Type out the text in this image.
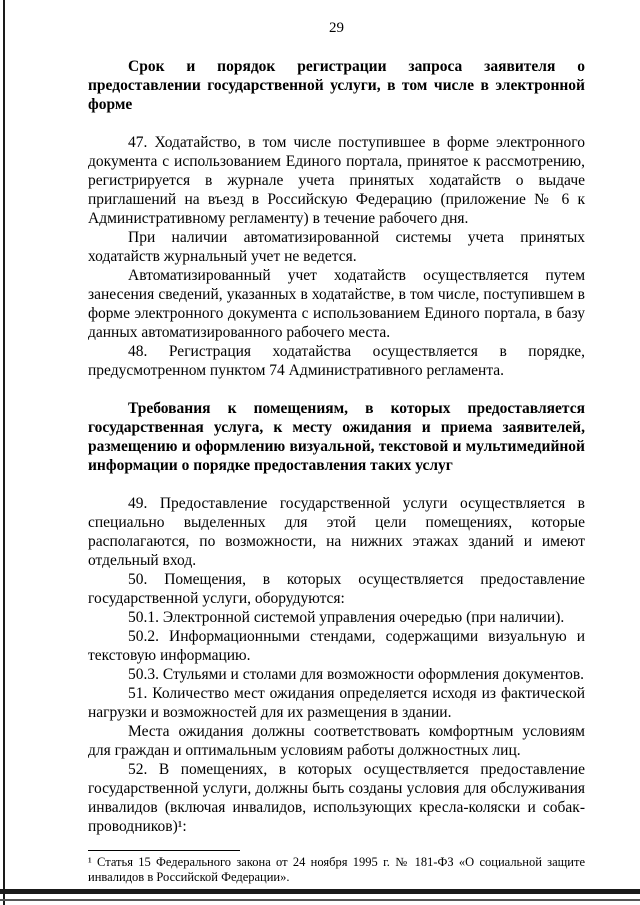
29
Срок и порядок регистрации запроса заявителя о предоставлении государственной услуги, в том числе в электронной форме

47. Ходатайство, в том числе поступившее в форме электронного документа с использованием Единого портала, принятое к рассмотрению, регистрируется в журнале учета принятых ходатайств о выдаче приглашений на въезд в Российскую Федерацию (приложение № 6 к Административному регламенту) в течение рабочего дня.

При наличии автоматизированной системы учета принятых ходатайств журнальный учет не ведется.

Автоматизированный учет ходатайств осуществляется путем занесения сведений, указанных в ходатайстве, в том числе, поступившем в форме электронного документа с использованием Единого портала, в базу данных автоматизированного рабочего места.

48. Регистрация ходатайства осуществляется в порядке, предусмотренном пунктом 74 Административного регламента.

Требования к помещениям, в которых предоставляется государственная услуга, к месту ожидания и приема заявителей, размещению и оформлению визуальной, текстовой и мультимедийной информации о порядке предоставления таких услуг

49. Предоставление государственной услуги осуществляется в специально выделенных для этой цели помещениях, которые располагаются, по возможности, на нижних этажах зданий и имеют отдельный вход.

50. Помещения, в которых осуществляется предоставление государственной услуги, оборудуются:

50.1. Электронной системой управления очередью (при наличии).

50.2. Информационными стендами, содержащими визуальную и текстовую информацию.

50.3. Стульями и столами для возможности оформления документов.

51. Количество мест ожидания определяется исходя из фактической нагрузки и возможностей для их размещения в здании.

Места ожидания должны соответствовать комфортным условиям для граждан и оптимальным условиям работы должностных лиц.

52. В помещениях, в которых осуществляется предоставление государственной услуги, должны быть созданы условия для обслуживания инвалидов (включая инвалидов, использующих кресла-коляски и собак-проводников)¹:

¹ Статья 15 Федерального закона от 24 ноября 1995 г. № 181-ФЗ «О социальной защите инвалидов в Российской Федерации».
